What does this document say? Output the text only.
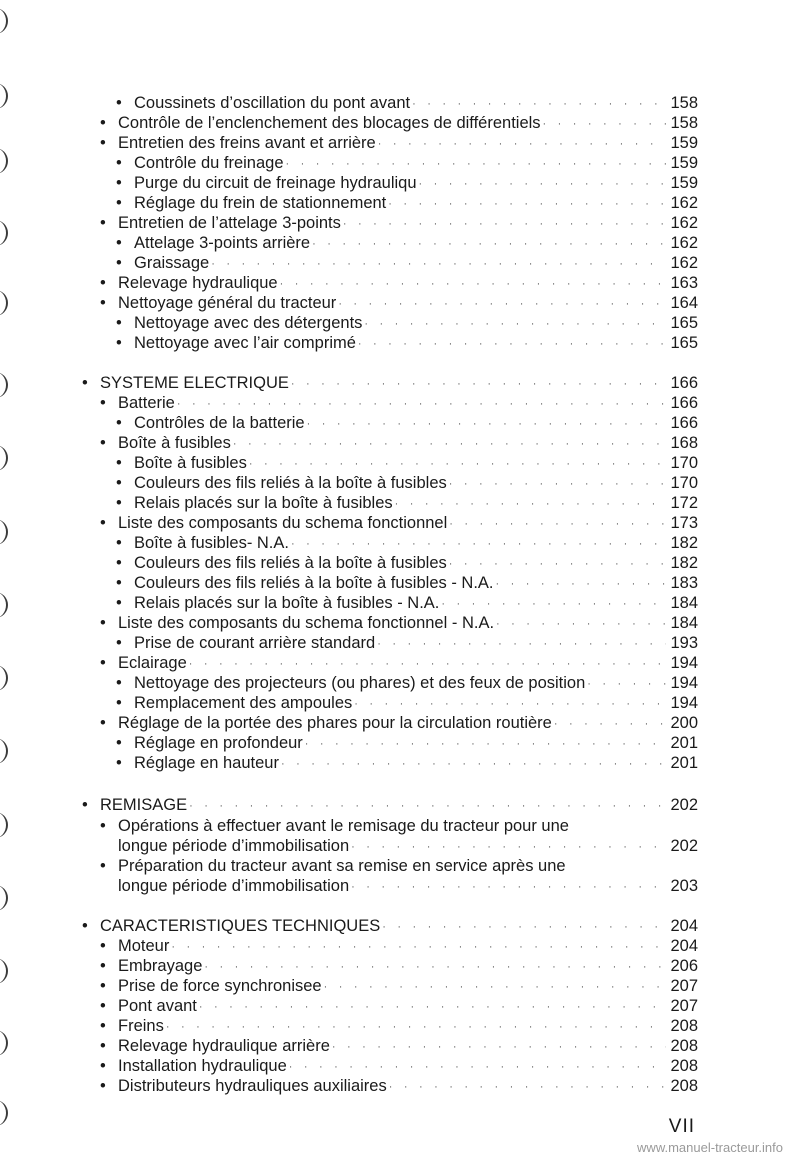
• Coussinets d’oscillation du pont avant · · ·	158
• Contrôle de l’enclenchement des blocages de différentiels · · ·	158
• Entretien des freins avant et arrière · · ·	159
• Contrôle du freinage · · ·	159
• Purge du circuit de freinage hydrauliqu · · ·	159
• Réglage du frein de stationnement · · ·	162
• Entretien de l’attelage 3-points · · ·	162
• Attelage 3-points arrière · · ·	162
• Graissage · · ·	162
• Relevage hydraulique · · ·	163
• Nettoyage général du tracteur · · ·	164
• Nettoyage avec des détergents · · ·	165
• Nettoyage avec l’air comprimé · · ·	165
• SYSTEME ELECTRIQUE · · ·	166
• Batterie · · ·	166
• Contrôles de la batterie · · ·	166
• Boîte à fusibles · · ·	168
• Boîte à fusibles · · ·	170
• Couleurs des fils reliés à la boîte à fusibles · · ·	170
• Relais placés sur la boîte à fusibles · · ·	172
• Liste des composants du schema fonctionnel · · ·	173
• Boîte à fusibles- N.A. · · ·	182
• Couleurs des fils reliés à la boîte à fusibles · · ·	182
• Couleurs des fils reliés à la boîte à fusibles - N.A. · · ·	183
• Relais placés sur la boîte à fusibles - N.A. · · ·	184
• Liste des composants du schema fonctionnel - N.A. · · ·	184
• Prise de courant arrière standard · · ·	193
• Eclairage · · ·	194
• Nettoyage des projecteurs (ou phares) et des feux de position · · ·	194
• Remplacement des ampoules · · ·	194
• Réglage de la portée des phares pour la circulation routière · · ·	200
• Réglage en profondeur · · ·	201
• Réglage en hauteur · · ·	201
• REMISAGE · · ·	202
• Opérations à effectuer avant le remisage du tracteur pour une
longue période d’immobilisation · · ·	202
• Préparation du tracteur avant sa remise en service après une
longue période d’immobilisation · · ·	203
• CARACTERISTIQUES TECHNIQUES · · ·	204
• Moteur · · ·	204
• Embrayage · · ·	206
• Prise de force synchronisee · · ·	207
• Pont avant · · ·	207
• Freins · · ·	208
• Relevage hydraulique arrière · · ·	208
• Installation hydraulique · · ·	208
• Distributeurs hydrauliques auxiliaires · · ·	208
VII
www.manuel-tracteur.info
